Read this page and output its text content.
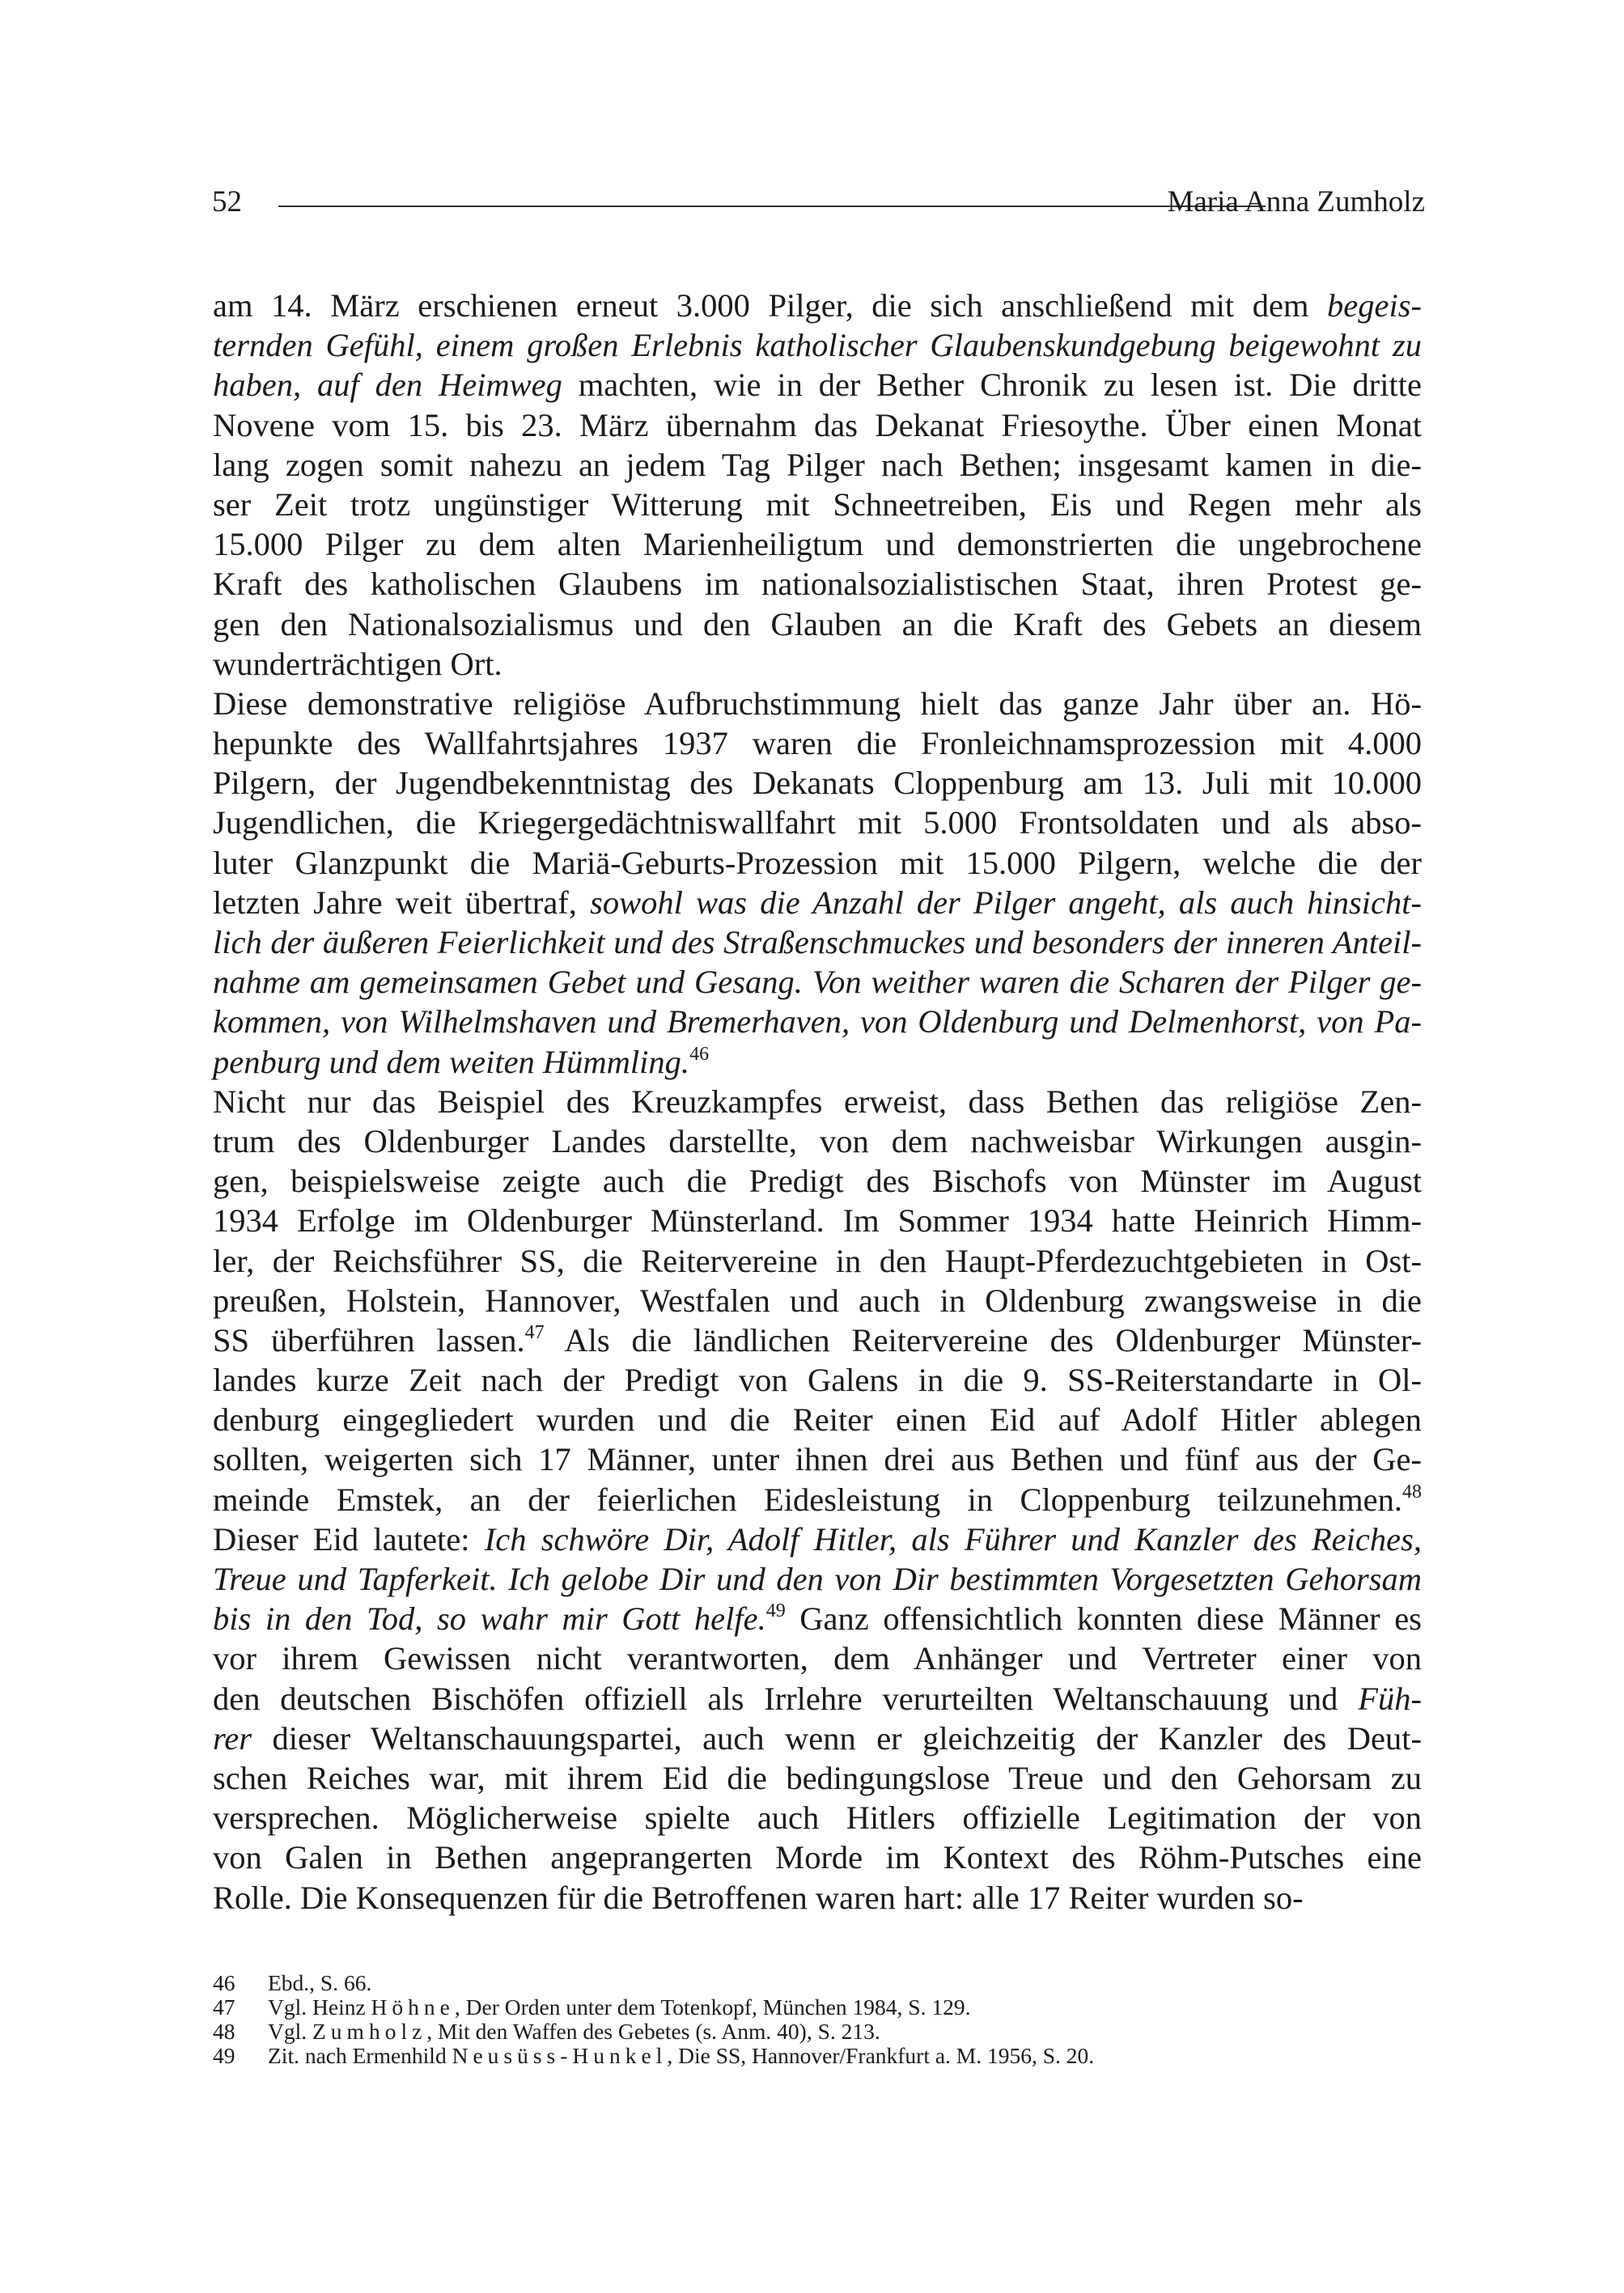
52	Maria Anna Zumholz
am 14. März erschienen erneut 3.000 Pilger, die sich anschließend mit dem begeis-
ternden Gefühl, einem großen Erlebnis katholischer Glaubenskundgebung beigewohnt zu
haben, auf den Heimweg machten, wie in der Bether Chronik zu lesen ist. Die dritte
Novene vom 15. bis 23. März übernahm das Dekanat Friesoythe. Über einen Monat
lang zogen somit nahezu an jedem Tag Pilger nach Bethen; insgesamt kamen in die-
ser Zeit trotz ungünstiger Witterung mit Schneetreiben, Eis und Regen mehr als
15.000 Pilger zu dem alten Marienheiligtum und demonstrierten die ungebrochene
Kraft des katholischen Glaubens im nationalsozialistischen Staat, ihren Protest ge-
gen den Nationalsozialismus und den Glauben an die Kraft des Gebets an diesem
wunderträchtigen Ort.
Diese demonstrative religiöse Aufbruchstimmung hielt das ganze Jahr über an. Hö-
hepunkte des Wallfahrtsjahres 1937 waren die Fronleichnamsprozession mit 4.000
Pilgern, der Jugendbekenntnistag des Dekanats Cloppenburg am 13. Juli mit 10.000
Jugendlichen, die Kriegergedächtniswallfahrt mit 5.000 Frontsoldaten und als abso-
luter Glanzpunkt die Mariä-Geburts-Prozession mit 15.000 Pilgern, welche die der
letzten Jahre weit übertraf, sowohl was die Anzahl der Pilger angeht, als auch hinsicht-
lich der äußeren Feierlichkeit und des Straßenschmuckes und besonders der inneren Anteil-
nahme am gemeinsamen Gebet und Gesang. Von weither waren die Scharen der Pilger ge-
kommen, von Wilhelmshaven und Bremerhaven, von Oldenburg und Delmenhorst, von Pa-
penburg und dem weiten Hümmling.$^{46}$
Nicht nur das Beispiel des Kreuzkampfes erweist, dass Bethen das religiöse Zen-
trum des Oldenburger Landes darstellte, von dem nachweisbar Wirkungen ausgin-
gen, beispielsweise zeigte auch die Predigt des Bischofs von Münster im August
1934 Erfolge im Oldenburger Münsterland. Im Sommer 1934 hatte Heinrich Himm-
ler, der Reichsführer SS, die Reitervereine in den Haupt-Pferdezuchtgebieten in Ost-
preußen, Holstein, Hannover, Westfalen und auch in Oldenburg zwangsweise in die
SS überführen lassen.$^{47}$ Als die ländlichen Reitervereine des Oldenburger Münster-
landes kurze Zeit nach der Predigt von Galens in die 9. SS-Reiterstandarte in Ol-
denburg eingegliedert wurden und die Reiter einen Eid auf Adolf Hitler ablegen
sollten, weigerten sich 17 Männer, unter ihnen drei aus Bethen und fünf aus der Ge-
meinde Emstek, an der feierlichen Eidesleistung in Cloppenburg teilzunehmen.$^{48}$
Dieser Eid lautete: Ich schwöre Dir, Adolf Hitler, als Führer und Kanzler des Reiches,
Treue und Tapferkeit. Ich gelobe Dir und den von Dir bestimmten Vorgesetzten Gehorsam
bis in den Tod, so wahr mir Gott helfe.$^{49}$ Ganz offensichtlich konnten diese Männer es
vor ihrem Gewissen nicht verantworten, dem Anhänger und Vertreter einer von
den deutschen Bischöfen offiziell als Irrlehre verurteilten Weltanschauung und Füh-
rer dieser Weltanschauungspartei, auch wenn er gleichzeitig der Kanzler des Deut-
schen Reiches war, mit ihrem Eid die bedingungslose Treue und den Gehorsam zu
versprechen. Möglicherweise spielte auch Hitlers offizielle Legitimation der von
von Galen in Bethen angeprangerten Morde im Kontext des Röhm-Putsches eine
Rolle. Die Konsequenzen für die Betroffenen waren hart: alle 17 Reiter wurden so-
46 Ebd., S. 66.
47 Vgl. Heinz Höhne, Der Orden unter dem Totenkopf, München 1984, S. 129.
48 Vgl. Zumholz, Mit den Waffen des Gebetes (s. Anm. 40), S. 213.
49 Zit. nach Ermenhild Neusüss-Hunkel, Die SS, Hannover/Frankfurt a. M. 1956, S. 20.
